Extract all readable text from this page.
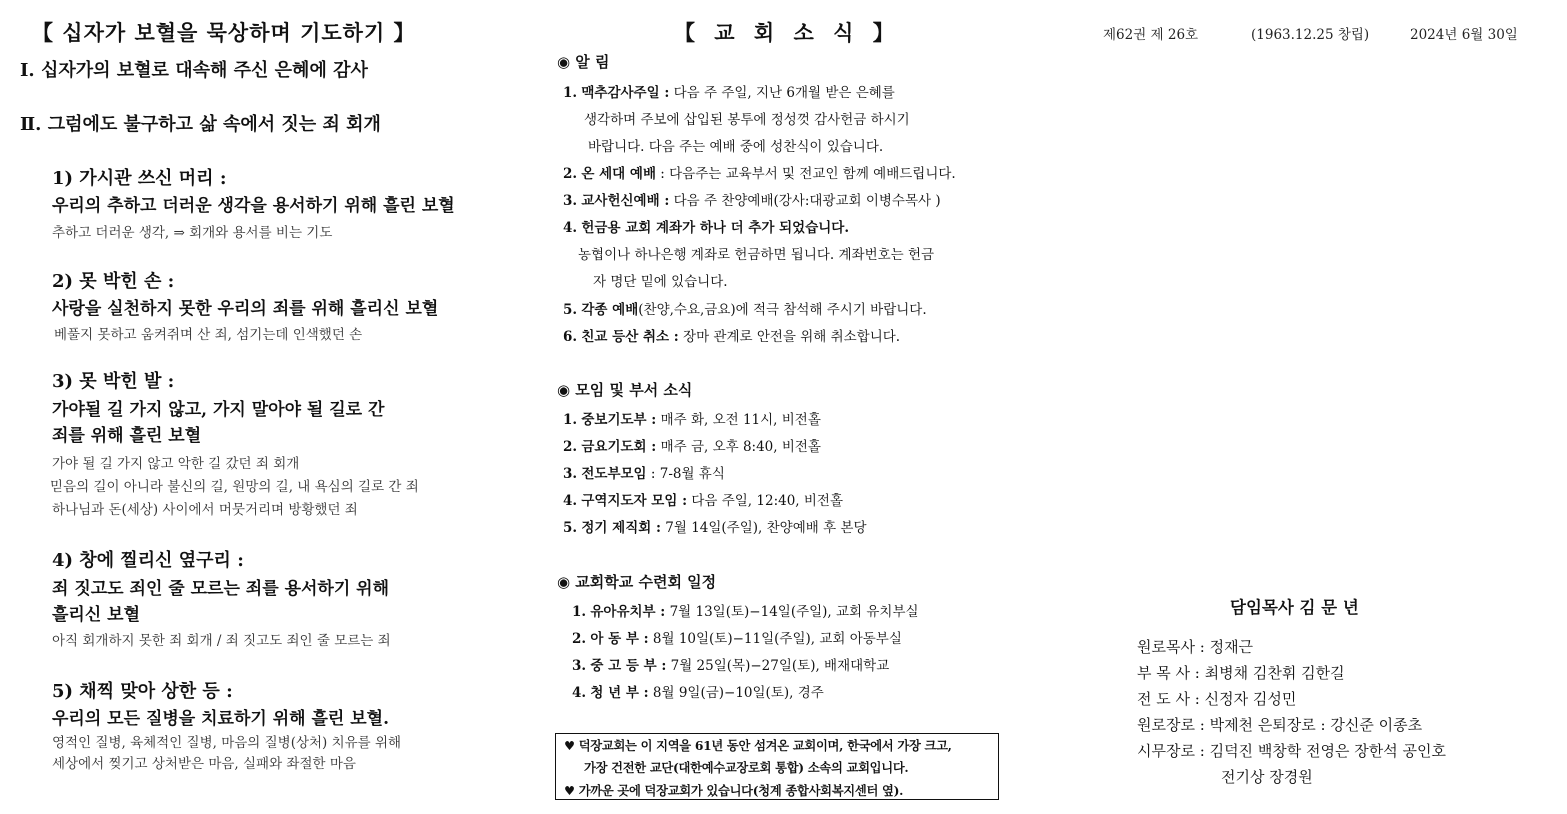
【 십자가 보혈을 묵상하며 기도하기 】
Ⅰ. 십자가의 보혈로 대속해 주신 은혜에 감사
Ⅱ. 그럼에도 불구하고 삶 속에서 짓는 죄 회개
1) 가시관 쓰신 머리 :
우리의 추하고 더러운 생각을 용서하기 위해 흘린 보혈
추하고 더러운 생각, ⇒ 회개와 용서를 비는 기도
2) 못 박힌 손 :
사랑을 실천하지 못한 우리의 죄를 위해 흘리신 보혈
베풀지 못하고 움켜쥐며 산 죄, 섬기는데 인색했던 손
3) 못 박힌 발 :
가야될 길 가지 않고, 가지 말아야 될 길로 간
죄를 위해 흘린 보혈
가야 될 길 가지 않고 악한 길 갔던 죄 회개
믿음의 길이 아니라 불신의 길, 원망의 길, 내 욕심의 길로 간 죄
하나님과 돈(세상) 사이에서 머뭇거리며 방황했던 죄
4) 창에 찔리신 옆구리 :
죄 짓고도 죄인 줄 모르는 죄를 용서하기 위해
흘리신 보혈
아직 회개하지 못한 죄 회개 / 죄 짓고도 죄인 줄 모르는 죄
5) 채찍 맞아 상한 등 :
우리의 모든 질병을 치료하기 위해 흘린 보혈.
영적인 질병, 육체적인 질병, 마음의 질병(상처) 치유를 위해
세상에서 찢기고 상처받은 마음, 실패와 좌절한 마음
【 교 회 소 식 】
◉ 알 림
1. 맥추감사주일 : 다음 주 주일, 지난 6개월 받은 은혜를
생각하며 주보에 삽입된 봉투에 정성껏 감사헌금 하시기
바랍니다. 다음 주는 예배 중에 성찬식이 있습니다.
2. 온 세대 예배 : 다음주는 교육부서 및 전교인 함께 예배드립니다.
3. 교사헌신예배 : 다음 주 찬양예배(강사:대광교회 이병수목사 )
4. 헌금용 교회 계좌가 하나 더 추가 되었습니다.
농협이나 하나은행 계좌로 헌금하면 됩니다. 계좌번호는 헌금
자 명단 밑에 있습니다.
5. 각종 예배(찬양,수요,금요)에 적극 참석해 주시기 바랍니다.
6. 친교 등산 취소 : 장마 관계로 안전을 위해 취소합니다.
◉ 모임 및 부서 소식
1. 중보기도부 : 매주 화, 오전 11시, 비전홀
2. 금요기도회 : 매주 금, 오후 8:40, 비전홀
3. 전도부모임 : 7-8월 휴식
4. 구역지도자 모임 : 다음 주일, 12:40, 비전홀
5. 정기 제직회 : 7월 14일(주일), 찬양예배 후 본당
◉ 교회학교 수련회 일정
1. 유아유치부 : 7월 13일(토)−14일(주일), 교회 유치부실
2. 아 동 부 : 8월 10일(토)−11일(주일), 교회 아동부실
3. 중 고 등 부 : 7월 25일(목)−27일(토), 배재대학교
4. 청 년 부 : 8월 9일(금)−10일(토), 경주
♥ 덕장교회는 이 지역을 61년 동안 섬겨온 교회이며, 한국에서 가장 크고,
가장 건전한 교단(대한예수교장로회 통합) 소속의 교회입니다.
♥ 가까운 곳에 덕장교회가 있습니다(청계 종합사회복지센터 옆).
제62권 제 26호	(1963.12.25 창립)	2024년 6월 30일
담임목사 김 문 년
원로목사 : 정재근
부 목 사 : 최병채 김찬휘 김한길
전 도 사 : 신정자 김성민
원로장로 : 박제천 은퇴장로 : 강신준 이종초
시무장로 : 김덕진 백창학 전영은 장한석 공인호
전기상 장경원
